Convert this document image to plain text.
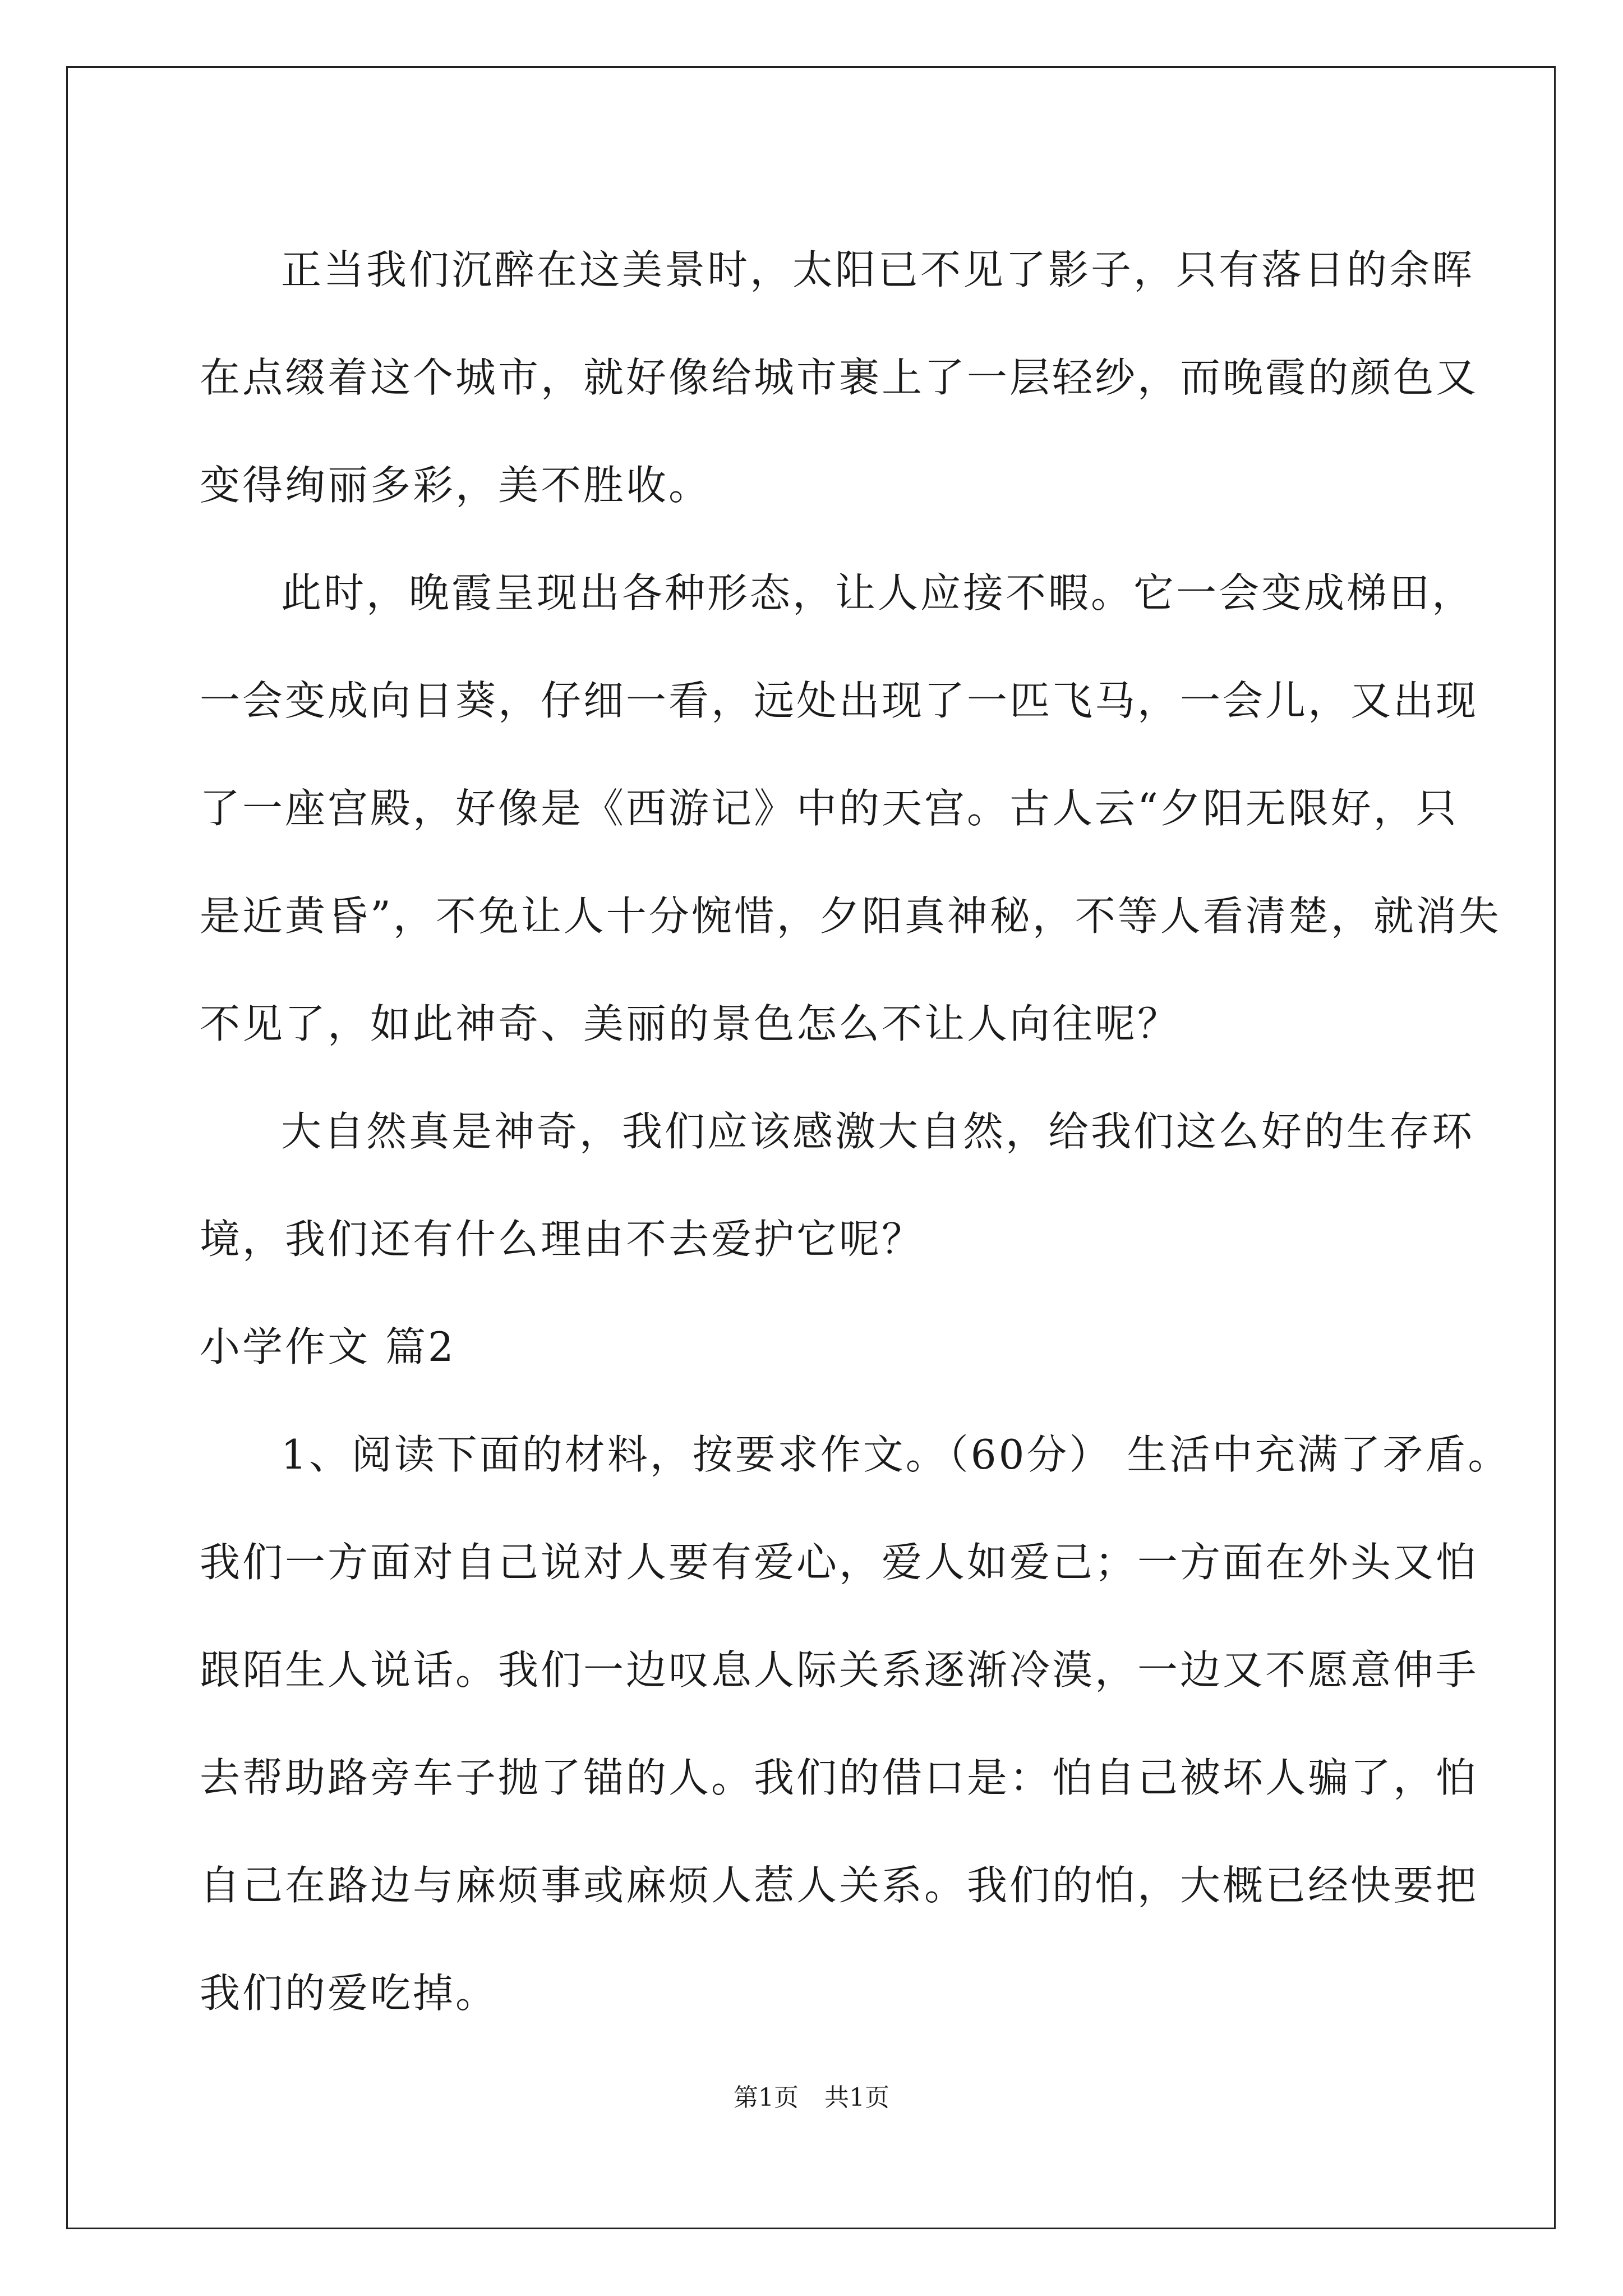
正当我们沉醉在这美景时，太阳已不见了影子，只有落日的余晖
在点缀着这个城市，就好像给城市裹上了一层轻纱，而晚霞的颜色又
变得绚丽多彩，美不胜收。
此时，晚霞呈现出各种形态，让人应接不暇。它一会变成梯田，
一会变成向日葵，仔细一看，远处出现了一匹飞马，一会儿，又出现
了一座宫殿，好像是《西游记》中的天宫。古人云“夕阳无限好，只
是近黄昏”，不免让人十分惋惜，夕阳真神秘，不等人看清楚，就消失
不见了，如此神奇、美丽的景色怎么不让人向往呢？
大自然真是神奇，我们应该感激大自然，给我们这么好的生存环
境，我们还有什么理由不去爱护它呢？
小学作文 篇2
1、阅读下面的材料，按要求作文。（60分） 生活中充满了矛盾。
我们一方面对自己说对人要有爱心，爱人如爱己；一方面在外头又怕
跟陌生人说话。我们一边叹息人际关系逐渐冷漠，一边又不愿意伸手
去帮助路旁车子抛了锚的人。我们的借口是：怕自己被坏人骗了，怕
自己在路边与麻烦事或麻烦人惹人关系。我们的怕，大概已经快要把
我们的爱吃掉。
第1页 共1页
